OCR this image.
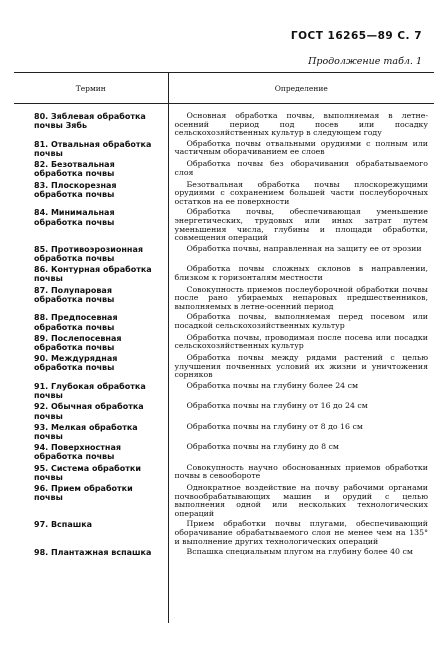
ГОСТ 16265—89 С. 7
Продолжение табл. 1
Термин	Определение
80. Зяблевая обработка почвы Зябь	Основная обработка почвы, выполняемая в летне-осенний период под посев или посадку сельскохозяйственных культур в следующем году

81. Отвальная обработка почвы	Обработка почвы отвальными орудиями с полным или частичным оборачиванием ее слоев

82. Безотвальная обработка почвы	Обработка почвы без оборачивания обрабатываемого слоя

83. Плоскорезная обработка почвы	Безотвальная обработка почвы плоскорежущими орудиями с сохранением большей части послеуборочных остатков на ее поверхности

84. Минимальная обработка почвы	Обработка почвы, обеспечивающая уменьшение энергетических, трудовых или иных затрат путем уменьшения числа, глубины и площади обработки, совмещения операций

85. Противоэрозионная обработка почвы	Обработка почвы, направленная на защиту ее от эрозии

86. Контурная обработка почвы	Обработка почвы сложных склонов в направлении, близком к горизонталям местности

87. Полупаровая обработка почвы	Совокупность приемов послеуборочной обработки почвы после рано убираемых непаровых предшественников, выполняемых в летне-осенний период

88. Предпосевная обработка почвы	Обработка почвы, выполняемая перед посевом или посадкой сельскохозяйственных культур

89. Послепосевная обработка почвы	Обработка почвы, проводимая после посева или посадки сельскохозяйственных культур

90. Междурядная обработка почвы	Обработка почвы между рядами растений с целью улучшения почвенных условий их жизни и уничтожения сорняков

91. Глубокая обработка почвы	Обработка почвы на глубину более 24 см

92. Обычная обработка почвы	Обработка почвы на глубину от 16 до 24 см

93. Мелкая обработка почвы	Обработка почвы на глубину от 8 до 16 см

94. Поверхностная обработка почвы	Обработка почвы на глубину до 8 см

95. Система обработки почвы	Совокупность научно обоснованных приемов обработки почвы в севообороте

96. Прием обработки почвы	Однократное воздействие на почву рабочими органами почвообрабатывающих машин и орудий с целью выполнения одной или нескольких технологических операций

97. Вспашка	Прием обработки почвы плугами, обеспечивающий оборачивание обрабатываемого слоя не менее чем на 135° и выполнение других технологических операций

98. Плантажная вспашка	Вспашка специальным плугом на глубину более 40 см
